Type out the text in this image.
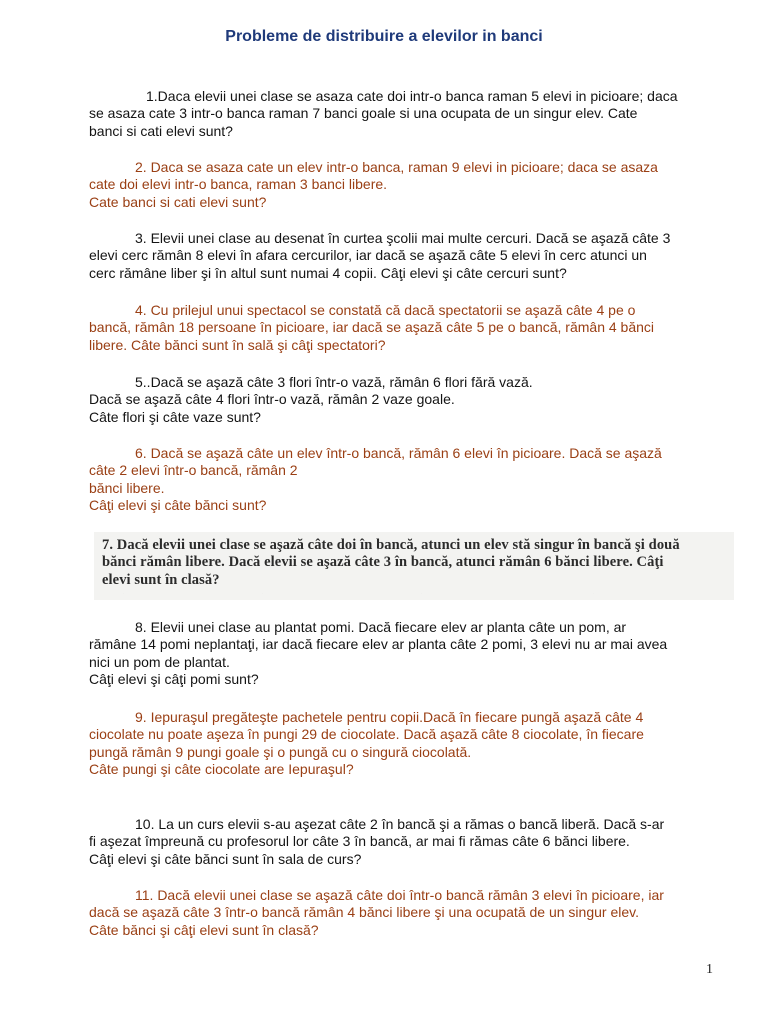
Probleme de distribuire a elevilor in banci
1.Daca elevii unei clase se asaza cate doi intr-o banca raman 5 elevi in picioare; daca
se asaza cate 3 intr-o banca raman 7 banci goale si una ocupata de un singur elev. Cate
banci si cati elevi sunt?
2. Daca se asaza cate un elev intr-o banca, raman 9 elevi in picioare; daca se asaza
cate doi elevi intr-o banca, raman 3 banci libere.
Cate banci si cati elevi sunt?
3. Elevii unei clase au desenat în curtea şcolii mai multe cercuri. Dacă se aşază câte 3
elevi cerc rămân 8 elevi în afara cercurilor, iar dacă se aşază câte 5 elevi în cerc atunci un
cerc rămâne liber şi în altul sunt numai 4 copii. Câţi elevi şi câte cercuri sunt?
4. Cu prilejul unui spectacol se constată că dacă spectatorii se aşază câte 4 pe o
bancă, rămân 18 persoane în picioare, iar dacă se aşază câte 5 pe o bancă, rămân 4 bănci
libere. Câte bănci sunt în sală şi câţi spectatori?
5..Dacă se aşază câte 3 flori într-o vază, rămân 6 flori fără vază.
Dacă se aşază câte 4 flori într-o vază, rămân 2 vaze goale.
Câte flori şi câte vaze sunt?
6. Dacă se aşază câte un elev într-o bancă, rămân 6 elevi în picioare. Dacă se aşază
câte 2 elevi într-o bancă, rămân 2
bănci libere.
Câţi elevi şi câte bănci sunt?
7. Dacă elevii unei clase se aşază câte doi în bancă, atunci un elev stă singur în bancă şi două
bănci rămân libere. Dacă elevii se aşază câte 3 în bancă, atunci rămân 6 bănci libere. Câţi
elevi sunt în clasă?
8. Elevii unei clase au plantat pomi. Dacă fiecare elev ar planta câte un pom, ar
rămâne 14 pomi neplantaţi, iar dacă fiecare elev ar planta câte 2 pomi, 3 elevi nu ar mai avea
nici un pom de plantat.
Câţi elevi şi câţi pomi sunt?
9. Iepuraşul pregăteşte pachetele pentru copii.Dacă în fiecare pungă aşază câte 4
ciocolate nu poate aşeza în pungi 29 de ciocolate. Dacă aşază câte 8 ciocolate, în fiecare
pungă rămân 9 pungi goale şi o pungă cu o singură ciocolată.
Câte pungi şi câte ciocolate are Iepuraşul?
10. La un curs elevii s-au aşezat câte 2 în bancă şi a rămas o bancă liberă. Dacă s-ar
fi aşezat împreună cu profesorul lor câte 3 în bancă, ar mai fi rămas câte 6 bănci libere.
Câţi elevi şi câte bănci sunt în sala de curs?
11. Dacă elevii unei clase se aşază câte doi într-o bancă rămân 3 elevi în picioare, iar
dacă se aşază câte 3 într-o bancă rămân 4 bănci libere şi una ocupată de un singur elev.
Câte bănci şi câţi elevi sunt în clasă?
1
